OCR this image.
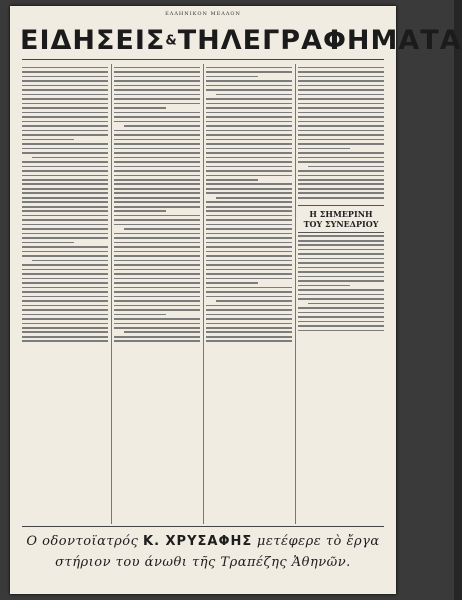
ΕΛΛΗΝΙΚΟΝ ΜΕΛΛΟΝ
ΕΙΔΗΣΕΙΣ&ΤΗΛΕΓΡΑΦΗΜΑΤΑ
Η ΣΗΜΕΡΙΝΗ
ΤΟΥ ΣΥΝΕΔΡΙΟΥ
Ο οδοντοϊατρός Κ. ΧΡΥΣΑΦΗΣ μετέφερε τὸ ἔργα
στήριον του άνωθι τῆς Τραπέζης Ἀθηνῶν.
